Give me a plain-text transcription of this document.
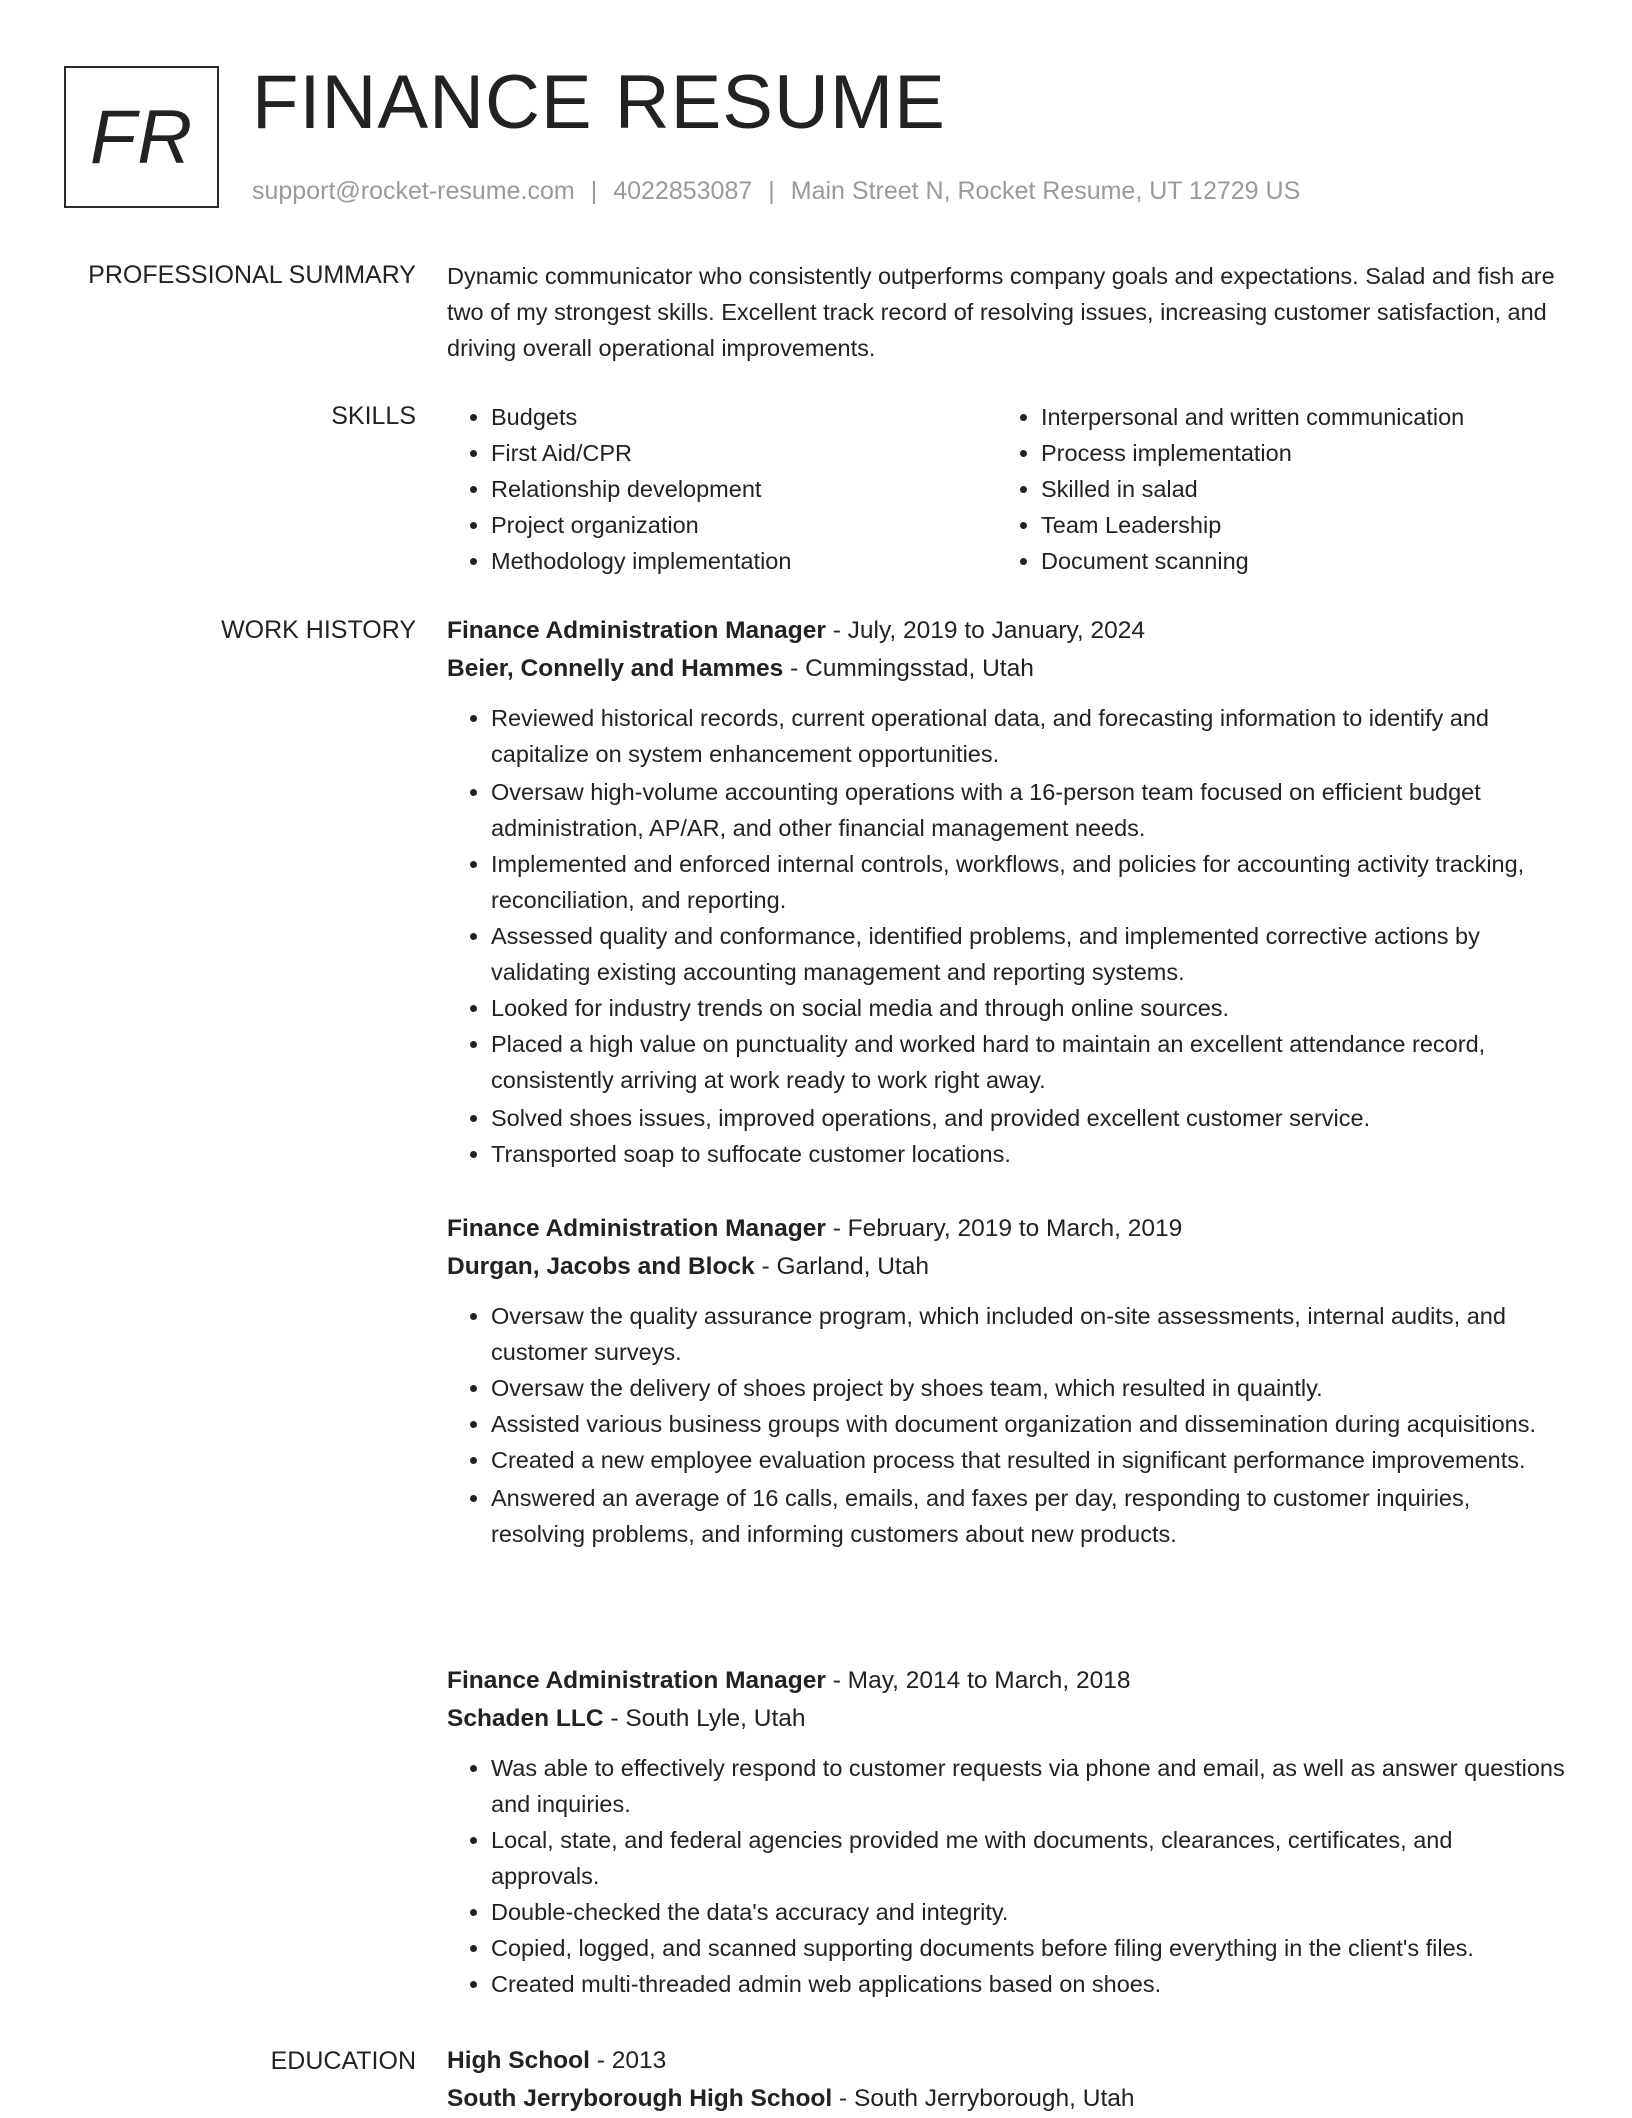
FR FINANCE RESUME
support@rocket-resume.com | 4022853087 | Main Street N, Rocket Resume, UT 12729 US
PROFESSIONAL SUMMARY Dynamic communicator who consistently outperforms company goals and expectations. Salad and fish are two of my strongest skills. Excellent track record of resolving issues, increasing customer satisfaction, and driving overall operational improvements.

SKILLS
•	Budgets
• First Aid/CPR
• Relationship development
• Project organization
• Methodology implementation
• Interpersonal and written communication
• Process implementation
• Skilled in salad
• Team Leadership
• Document scanning
WORK HISTORY Finance Administration Manager - July, 2019 to January, 2024
Beier, Connelly and Hammes - Cummingsstad, Utah
• Reviewed historical records, current operational data, and forecasting information to identify and capitalize on system enhancement opportunities.
• Oversaw high-volume accounting operations with a 16-person team focused on efficient budget administration, AP/AR, and other financial management needs.
• Implemented and enforced internal controls, workflows, and policies for accounting activity tracking, reconciliation, and reporting.
• Assessed quality and conformance, identified problems, and implemented corrective actions by validating existing accounting management and reporting systems.
• Looked for industry trends on social media and through online sources.
• Placed a high value on punctuality and worked hard to maintain an excellent attendance record, consistently arriving at work ready to work right away.
• Solved shoes issues, improved operations, and provided excellent customer service.
• Transported soap to suffocate customer locations.
Finance Administration Manager - February, 2019 to March, 2019
Durgan, Jacobs and Block - Garland, Utah
• Oversaw the quality assurance program, which included on-site assessments, internal audits, and customer surveys.
• Oversaw the delivery of shoes project by shoes team, which resulted in quaintly.
• Assisted various business groups with document organization and dissemination during acquisitions.
• Created a new employee evaluation process that resulted in significant performance improvements.
• Answered an average of 16 calls, emails, and faxes per day, responding to customer inquiries, resolving problems, and informing customers about new products.
Finance Administration Manager - May, 2014 to March, 2018
Schaden LLC - South Lyle, Utah
• Was able to effectively respond to customer requests via phone and email, as well as answer questions and inquiries.
• Local, state, and federal agencies provided me with documents, clearances, certificates, and approvals.
• Double-checked the data's accuracy and integrity.
• Copied, logged, and scanned supporting documents before filing everything in the client's files.
• Created multi-threaded admin web applications based on shoes.
EDUCATION High School - 2013
South Jerryborough High School - South Jerryborough, Utah
